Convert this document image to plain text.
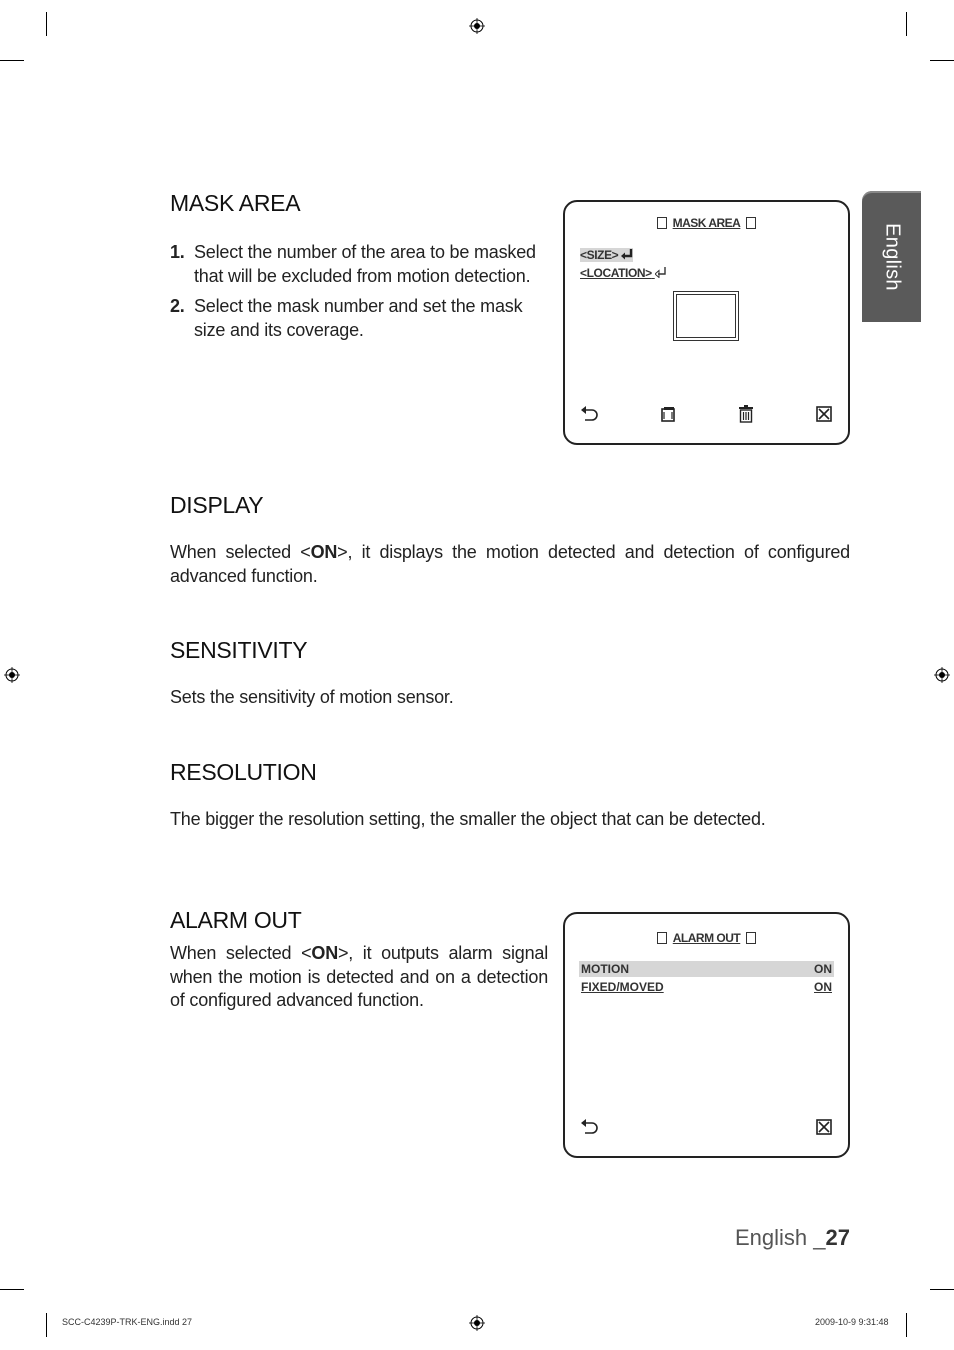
English
MASK AREA
1. Select the number of the area to be masked that will be excluded from motion detection.
2. Select the mask number and set the mask size and its coverage.
MASK AREA
<SIZE>
<LOCATION>
DISPLAY

When selected <ON>, it displays the motion detected and detection of configured advanced function.

SENSITIVITY

Sets the sensitivity of motion sensor.

RESOLUTION

The bigger the resolution setting, the smaller the object that can be detected.

ALARM OUT

When selected <ON>, it outputs alarm signal when the motion is detected and on a detection of configured advanced function.

ALARM OUT
MOTION	ON
FIXED/MOVED	ON
English _27
SCC-C4239P-TRK-ENG.indd 27	2009-10-9 9:31:48
